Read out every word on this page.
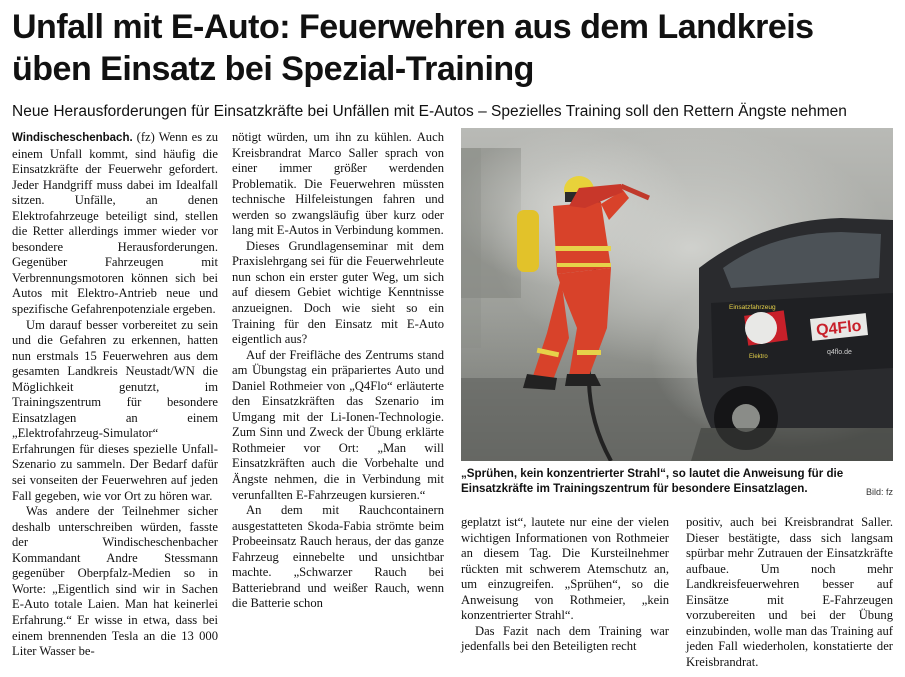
Unfall mit E-Auto: Feuerwehren aus dem Landkreis
üben Einsatz bei Spezial-Training
Neue Herausforderungen für Einsatzkräfte bei Unfällen mit E-Autos – Spezielles Training soll den Rettern Ängste nehmen

Windischeschenbach. (fz) Wenn es zu einem Unfall kommt, sind häufig die Einsatzkräfte der Feuerwehr gefordert. Jeder Handgriff muss dabei im Idealfall sitzen. Unfälle, an denen Elektrofahrzeuge beteiligt sind, stellen die Retter allerdings immer wieder vor besondere Herausforderungen. Gegenüber Fahrzeugen mit Verbrennungsmotoren können sich bei Autos mit Elektro-Antrieb neue und spezifische Gefahrenpotenziale ergeben.

Um darauf besser vorbereitet zu sein und die Gefahren zu erkennen, hatten nun erstmals 15 Feuerwehren aus dem gesamten Landkreis Neustadt/WN die Möglichkeit genutzt, im Trainingszentrum für besondere Einsatzlagen an einem „Elektrofahrzeug-Simulator“ Erfahrungen für dieses spezielle Unfall-Szenario zu sammeln. Der Bedarf dafür sei vonseiten der Feuerwehren auf jeden Fall gegeben, wie vor Ort zu hören war.

Was andere der Teilnehmer sicher deshalb unterschreiben würden, fasste der Windischeschenbacher Kommandant Andre Stessmann gegenüber Oberpfalz-Medien so in Worte: „Eigentlich sind wir in Sachen E-Auto totale Laien. Man hat keinerlei Erfahrung.“ Er wisse in etwa, dass bei einem brennenden Tesla an die 13 000 Liter Wasser be-

nötigt würden, um ihn zu kühlen. Auch Kreisbrandrat Marco Saller sprach von einer immer größer werdenden Problematik. Die Feuerwehren müssten technische Hilfeleistungen fahren und werden so zwangsläufig über kurz oder lang mit E-Autos in Verbindung kommen.

Dieses Grundlagenseminar mit dem Praxislehrgang sei für die Feuerwehrleute nun schon ein erster guter Weg, um sich auf diesem Gebiet wichtige Kenntnisse anzueignen. Doch wie sieht so ein Training für den Einsatz mit E-Auto eigentlich aus?

Auf der Freifläche des Zentrums stand am Übungstag ein präpariertes Auto und Daniel Rothmeier von „Q4Flo“ erläuterte den Einsatzkräften das Szenario im Umgang mit der Li-Ionen-Technologie. Zum Sinn und Zweck der Übung erklärte Rothmeier vor Ort: „Man will Einsatzkräften auch die Vorbehalte und Ängste nehmen, die in Verbindung mit verunfallten E-Fahrzeugen kursieren.“

An dem mit Rauchcontainern ausgestatteten Skoda-Fabia strömte beim Probeeinsatz Rauch heraus, der das ganze Fahrzeug einnebelte und unsichtbar machte. „Schwarzer Rauch bei Batteriebrand und weißer Rauch, wenn die Batterie schon

Q4Flo
q4flo.de
Einsatzfahrzeug
Elektro
„Sprühen, kein konzentrierter Strahl“, so lautet die Anweisung für die Einsatzkräfte im Trainingszentrum für besondere Einsatzlagen.	Bild: fz

geplatzt ist“, lautete nur eine der vielen wichtigen Informationen von Rothmeier an diesem Tag. Die Kursteilnehmer rückten mit schwerem Atemschutz an, um einzugreifen. „Sprühen“, so die Anweisung von Rothmeier, „kein konzentrierter Strahl“.

Das Fazit nach dem Training war jedenfalls bei den Beteiligten recht

positiv, auch bei Kreisbrandrat Saller. Dieser bestätigte, dass sich langsam spürbar mehr Zutrauen der Einsatzkräfte aufbaue. Um noch mehr Landkreisfeuerwehren besser auf Einsätze mit E-Fahrzeugen vorzubereiten und bei der Übung einzubinden, wolle man das Training auf jeden Fall wiederholen, konstatierte der Kreisbrandrat.
